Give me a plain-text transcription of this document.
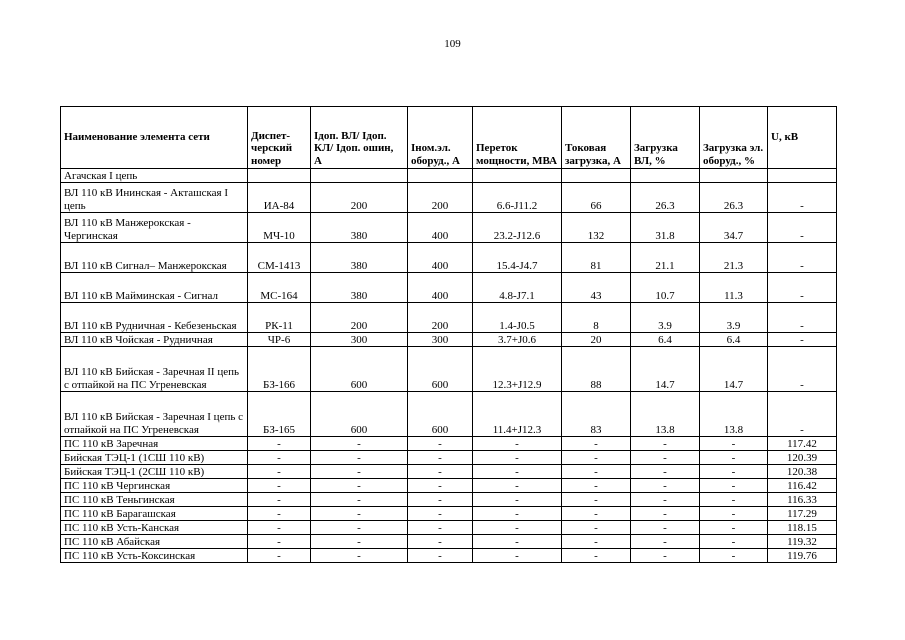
109
Наименование элемента сети	Диспет-черский номер	Iдоп. ВЛ/ Iдоп. КЛ/ Iдоп. ошин, А	Iном.эл. оборуд., А	Переток мощности, МВА	Токовая загрузка, А	Загрузка ВЛ, %	Загрузка эл. оборуд., %	U, кВ
Агачская I цепь								
ВЛ 110 кВ Ининская - Акташская I цепь	ИА-84	200	200	6.6-J11.2	66	26.3	26.3	-
ВЛ 110 кВ Манжерокская - Чергинская	МЧ-10	380	400	23.2-J12.6	132	31.8	34.7	-
ВЛ 110 кВ Сигнал– Манжерокская	СМ-1413	380	400	15.4-J4.7	81	21.1	21.3	-
ВЛ 110 кВ Майминская - Сигнал	МС-164	380	400	4.8-J7.1	43	10.7	11.3	-
ВЛ 110 кВ Рудничная - Кебезеньская	РК-11	200	200	1.4-J0.5	8	3.9	3.9	-
ВЛ 110 кВ Чойская - Рудничная	ЧР-6	300	300	3.7+J0.6	20	6.4	6.4	-
ВЛ 110 кВ Бийская - Заречная II цепь с отпайкой на ПС Угреневская	БЗ-166	600	600	12.3+J12.9	88	14.7	14.7	-
ВЛ 110 кВ Бийская - Заречная I цепь с отпайкой на ПС Угреневская	БЗ-165	600	600	11.4+J12.3	83	13.8	13.8	-
ПС 110 кВ Заречная	-	-	-	-	-	-	-	117.42
Бийская ТЭЦ-1 (1СШ 110 кВ)	-	-	-	-	-	-	-	120.39
Бийская ТЭЦ-1 (2СШ 110 кВ)	-	-	-	-	-	-	-	120.38
ПС 110 кВ Чергинская	-	-	-	-	-	-	-	116.42
ПС 110 кВ Теньгинская	-	-	-	-	-	-	-	116.33
ПС 110 кВ Барагашская	-	-	-	-	-	-	-	117.29
ПС 110 кВ Усть-Канская	-	-	-	-	-	-	-	118.15
ПС 110 кВ Абайская	-	-	-	-	-	-	-	119.32
ПС 110 кВ Усть-Коксинская	-	-	-	-	-	-	-	119.76
